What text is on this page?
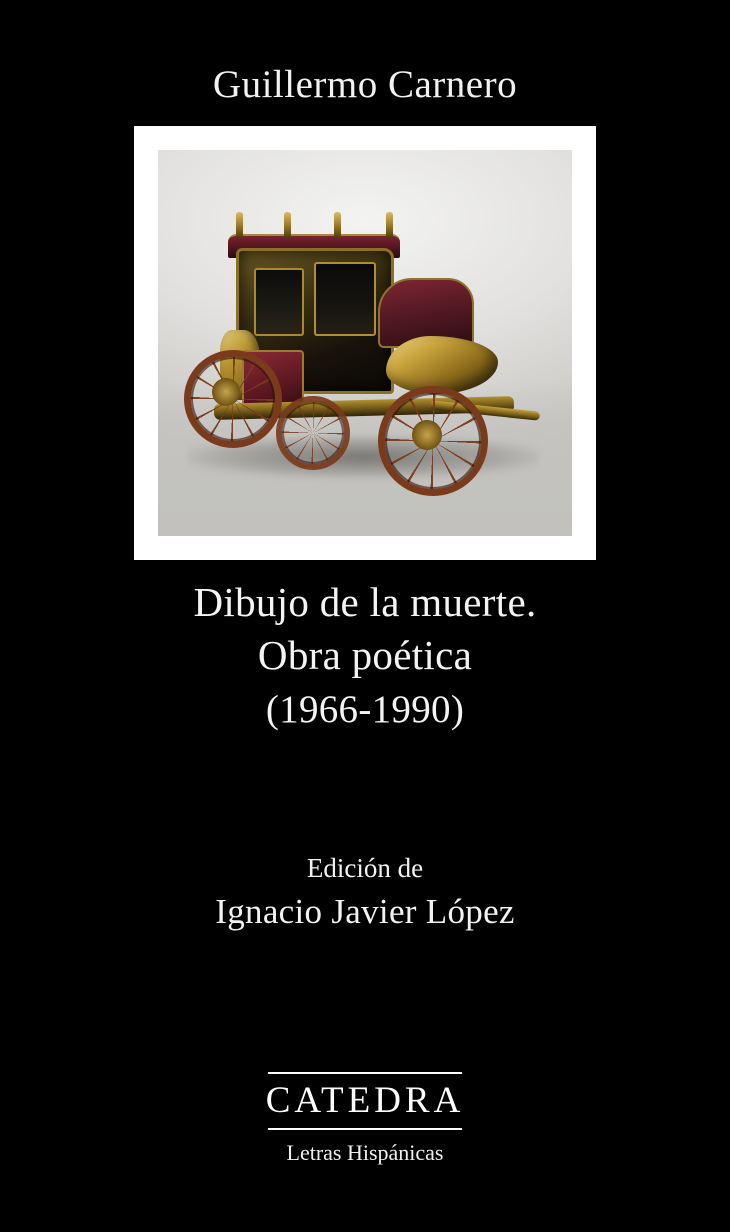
Guillermo Carnero
Dibujo de la muerte.
Obra poética
(1966-1990)
Edición de
Ignacio Javier López
CATEDRA
Letras Hispánicas
